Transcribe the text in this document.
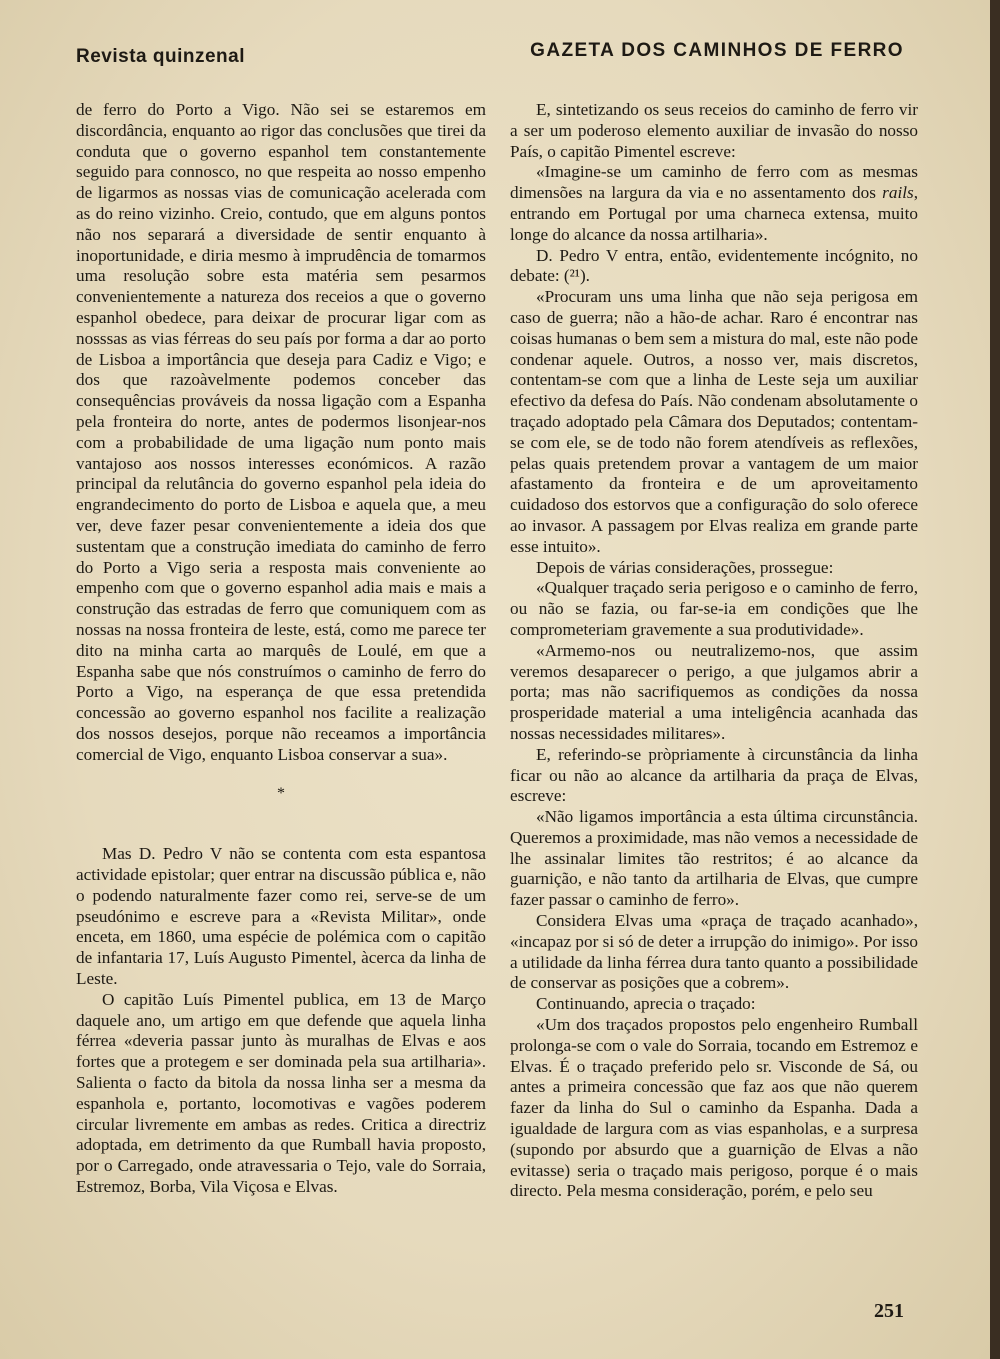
Revista quinzenal	GAZETA DOS CAMINHOS DE FERRO

de ferro do Porto a Vigo. Não sei se estaremos em discordância, enquanto ao rigor das conclusões que tirei da conduta que o governo espanhol tem constantemente seguido para connosco, no que respeita ao nosso empenho de ligarmos as nossas vias de comunicação acelerada com as do reino vizinho. Creio, contudo, que em alguns pontos não nos separará a diversidade de sentir enquanto à inoportunidade, e diria mesmo à imprudência de tomarmos uma resolução sobre esta matéria sem pesarmos convenientemente a natureza dos receios a que o governo espanhol obedece, para deixar de procurar ligar com as nosssas as vias férreas do seu país por forma a dar ao porto de Lisboa a importância que deseja para Cadiz e Vigo; e dos que razoàvelmente podemos conceber das consequências prováveis da nossa ligação com a Espanha pela fronteira do norte, antes de podermos lisonjear-nos com a probabilidade de uma ligação num ponto mais vantajoso aos nossos interesses económicos. A razão principal da relutância do governo espanhol pela ideia do engrandecimento do porto de Lisboa e aquela que, a meu ver, deve fazer pesar convenientemente a ideia dos que sustentam que a construção imediata do caminho de ferro do Porto a Vigo seria a resposta mais conveniente ao empenho com que o governo espanhol adia mais e mais a construção das estradas de ferro que comuniquem com as nossas na nossa fronteira de leste, está, como me parece ter dito na minha carta ao marquês de Loulé, em que a Espanha sabe que nós construímos o caminho de ferro do Porto a Vigo, na esperança de que essa pretendida concessão ao governo espanhol nos facilite a realização dos nossos desejos, porque não receamos a importância comercial de Vigo, enquanto Lisboa conservar a sua».

*

Mas D. Pedro V não se contenta com esta espantosa actividade epistolar; quer entrar na discussão pública e, não o podendo naturalmente fazer como rei, serve-se de um pseudónimo e escreve para a «Revista Militar», onde enceta, em 1860, uma espécie de polémica com o capitão de infantaria 17, Luís Augusto Pimentel, àcerca da linha de Leste.

O capitão Luís Pimentel publica, em 13 de Março daquele ano, um artigo em que defende que aquela linha férrea «deveria passar junto às muralhas de Elvas e aos fortes que a protegem e ser dominada pela sua artilharia». Salienta o facto da bitola da nossa linha ser a mesma da espanhola e, portanto, locomotivas e vagões poderem circular livremente em ambas as redes. Critica a directriz adoptada, em detrimento da que Rumball havia proposto, por o Carregado, onde atravessaria o Tejo, vale do Sorraia, Estremoz, Borba, Vila Viçosa e Elvas.

E, sintetizando os seus receios do caminho de ferro vir a ser um poderoso elemento auxiliar de invasão do nosso País, o capitão Pimentel escreve:

«Imagine-se um caminho de ferro com as mesmas dimensões na largura da via e no assentamento dos rails, entrando em Portugal por uma charneca extensa, muito longe do alcance da nossa artilharia».

D. Pedro V entra, então, evidentemente incógnito, no debate: (²¹).

«Procuram uns uma linha que não seja perigosa em caso de guerra; não a hão-de achar. Raro é encontrar nas coisas humanas o bem sem a mistura do mal, este não pode condenar aquele. Outros, a nosso ver, mais discretos, contentam-se com que a linha de Leste seja um auxiliar efectivo da defesa do País. Não condenam absolutamente o traçado adoptado pela Câmara dos Deputados; contentam-se com ele, se de todo não forem atendíveis as reflexões, pelas quais pretendem provar a vantagem de um maior afastamento da fronteira e de um aproveitamento cuidadoso dos estorvos que a configuração do solo oferece ao invasor. A passagem por Elvas realiza em grande parte esse intuito».

Depois de várias considerações, prossegue:

«Qualquer traçado seria perigoso e o caminho de ferro, ou não se fazia, ou far-se-ia em condições que lhe comprometeriam gravemente a sua produtividade».

«Armemo-nos ou neutralizemo-nos, que assim veremos desaparecer o perigo, a que julgamos abrir a porta; mas não sacrifiquemos as condições da nossa prosperidade material a uma inteligência acanhada das nossas necessidades militares».

E, referindo-se pròpriamente à circunstância da linha ficar ou não ao alcance da artilharia da praça de Elvas, escreve:

«Não ligamos importância a esta última circunstância. Queremos a proximidade, mas não vemos a necessidade de lhe assinalar limites tão restritos; é ao alcance da guarnição, e não tanto da artilharia de Elvas, que cumpre fazer passar o caminho de ferro».

Considera Elvas uma «praça de traçado acanhado», «incapaz por si só de deter a irrupção do inimigo». Por isso a utilidade da linha férrea dura tanto quanto a possibilidade de conservar as posições que a cobrem».

Continuando, aprecia o traçado:

«Um dos traçados propostos pelo engenheiro Rumball prolonga-se com o vale do Sorraia, tocando em Estremoz e Elvas. É o traçado preferido pelo sr. Visconde de Sá, ou antes a primeira concessão que faz aos que não querem fazer da linha do Sul o caminho da Espanha. Dada a igualdade de largura com as vias espanholas, e a surpresa (supondo por absurdo que a guarnição de Elvas a não evitasse) seria o traçado mais perigoso, porque é o mais directo. Pela mesma consideração, porém, e pelo seu

251
